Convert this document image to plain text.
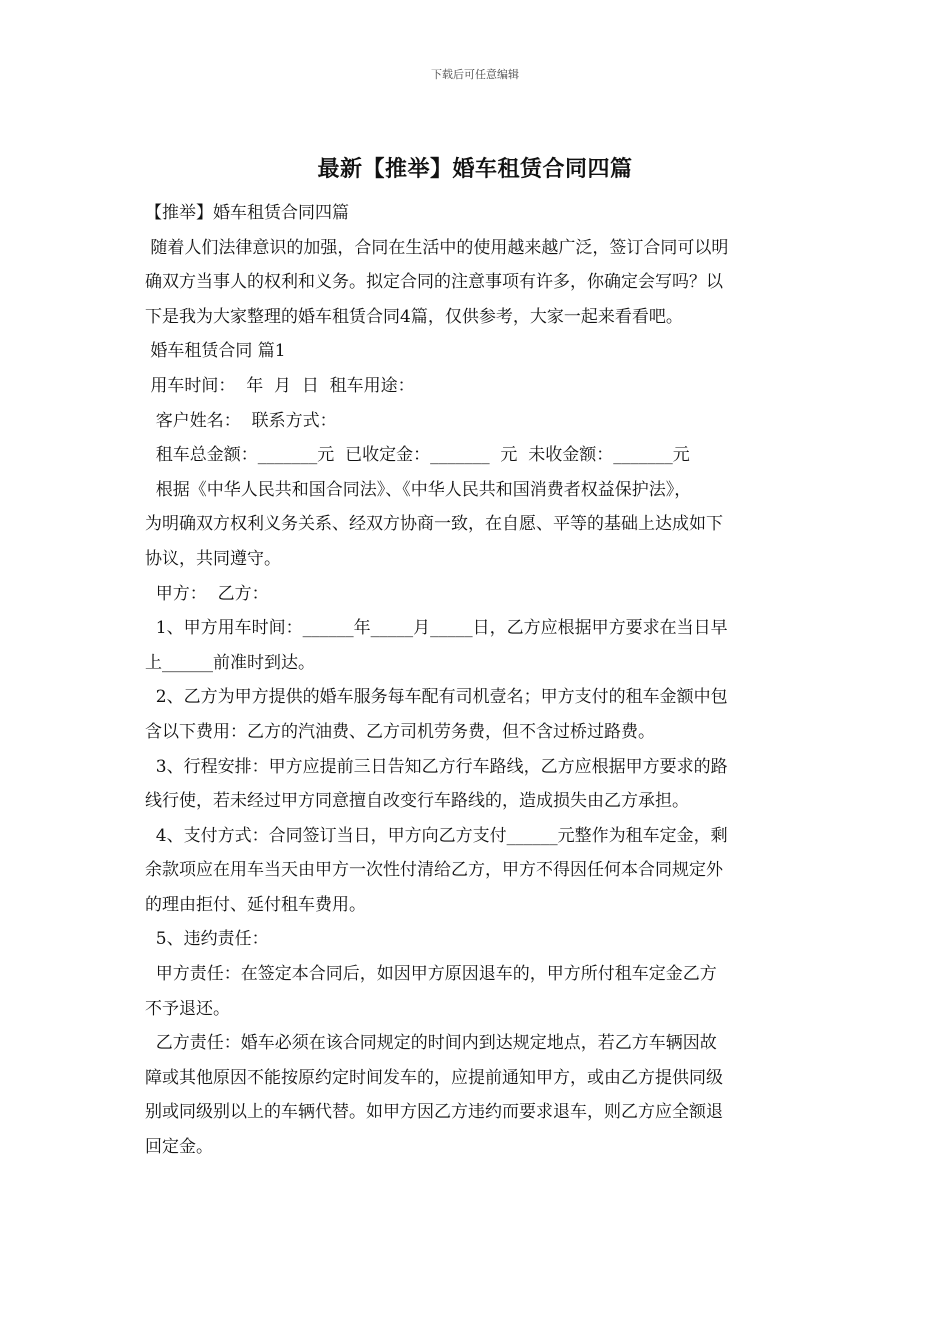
下载后可任意编辑
最新【推举】婚车租赁合同四篇
【推举】婚车租赁合同四篇
随着人们法律意识的加强，合同在生活中的使用越来越广泛，签订合同可以明
确双方当事人的权利和义务。拟定合同的注意事项有许多，你确定会写吗？以
下是我为大家整理的婚车租赁合同4篇，仅供参考，大家一起来看看吧。
婚车租赁合同 篇1
用车时间：  年  月  日  租车用途：
客户姓名：  联系方式：
租车总金额：_______元  已收定金：_______  元  未收金额：_______元
根据《中华人民共和国合同法》、《中华人民共和国消费者权益保护法》，
为明确双方权利义务关系、经双方协商一致，在自愿、平等的基础上达成如下
协议，共同遵守。
甲方：  乙方：
1、甲方用车时间：______年_____月_____日，乙方应根据甲方要求在当日早
上______前准时到达。
2、乙方为甲方提供的婚车服务每车配有司机壹名；甲方支付的租车金额中包
含以下费用：乙方的汽油费、乙方司机劳务费，但不含过桥过路费。
3、行程安排：甲方应提前三日告知乙方行车路线，乙方应根据甲方要求的路
线行使，若未经过甲方同意擅自改变行车路线的，造成损失由乙方承担。
4、支付方式：合同签订当日，甲方向乙方支付______元整作为租车定金，剩
余款项应在用车当天由甲方一次性付清给乙方，甲方不得因任何本合同规定外
的理由拒付、延付租车费用。
5、违约责任：
甲方责任：在签定本合同后，如因甲方原因退车的，甲方所付租车定金乙方
不予退还。
乙方责任：婚车必须在该合同规定的时间内到达规定地点，若乙方车辆因故
障或其他原因不能按原约定时间发车的，应提前通知甲方，或由乙方提供同级
别或同级别以上的车辆代替。如甲方因乙方违约而要求退车，则乙方应全额退
回定金。
